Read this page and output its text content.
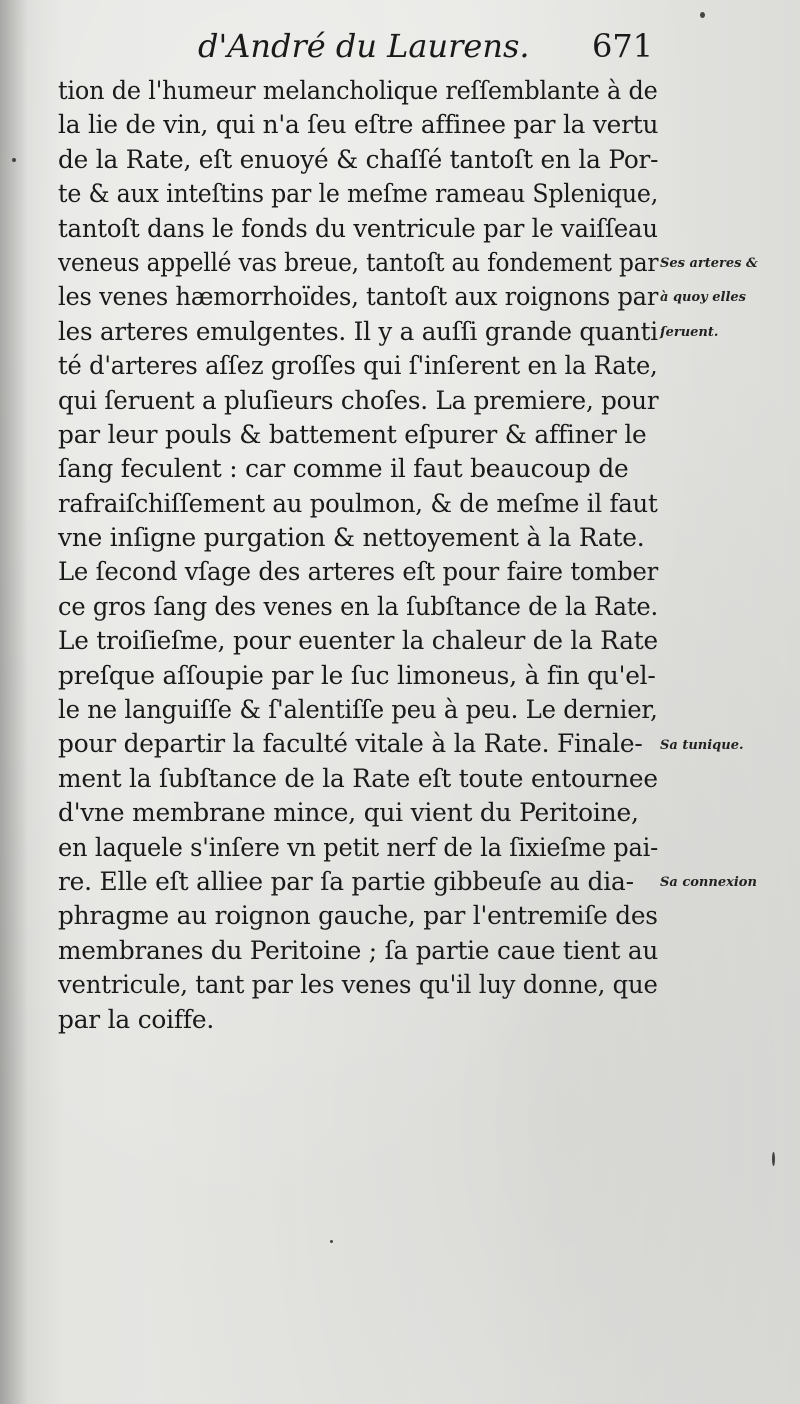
d'André du Laurens. 671
tion de l'humeur melancholique reſſemblante à de
la lie de vin, qui n'a ſeu eſtre affinee par la vertu
de la Rate, eſt enuoyé & chaſſé tantoſt en la Por-
te & aux inteſtins par le meſme rameau Splenique,
tantoſt dans le fonds du ventricule par le vaiſſeau
veneus appellé vas breue, tantoſt au fondement par
les venes hæmorrhoïdes, tantoſt aux roignons par
les arteres emulgentes. Il y a auſſi grande quanti
té d'arteres aſſez groſſes qui ſ'inſerent en la Rate,
qui ſeruent a pluſieurs choſes. La premiere, pour
par leur pouls & battement eſpurer & affiner le
ſang feculent : car comme il faut beaucoup de
rafraiſchiſſement au poulmon, & de meſme il faut
vne inſigne purgation & nettoyement à la Rate.
Le ſecond vſage des arteres eſt pour faire tomber
ce gros ſang des venes en la ſubſtance de la Rate.
Le troiſieſme, pour euenter la chaleur de la Rate
preſque aſſoupie par le ſuc limoneus, à fin qu'el-
le ne languiſſe & ſ'alentiſſe peu à peu. Le dernier,
pour departir la faculté vitale à la Rate. Finale-
ment la ſubſtance de la Rate eſt toute entournee
d'vne membrane mince, qui vient du Peritoine,
en laquele s'inſere vn petit nerf de la ſixieſme pai-
re. Elle eſt alliee par ſa partie gibbeuſe au dia-
phragme au roignon gauche, par l'entremiſe des
membranes du Peritoine ; ſa partie caue tient au
ventricule, tant par les venes qu'il luy donne, que
par la coiffe.
Ses arteres &
à quoy elles
ſeruent.
Sa tunique.
Sa connexion
